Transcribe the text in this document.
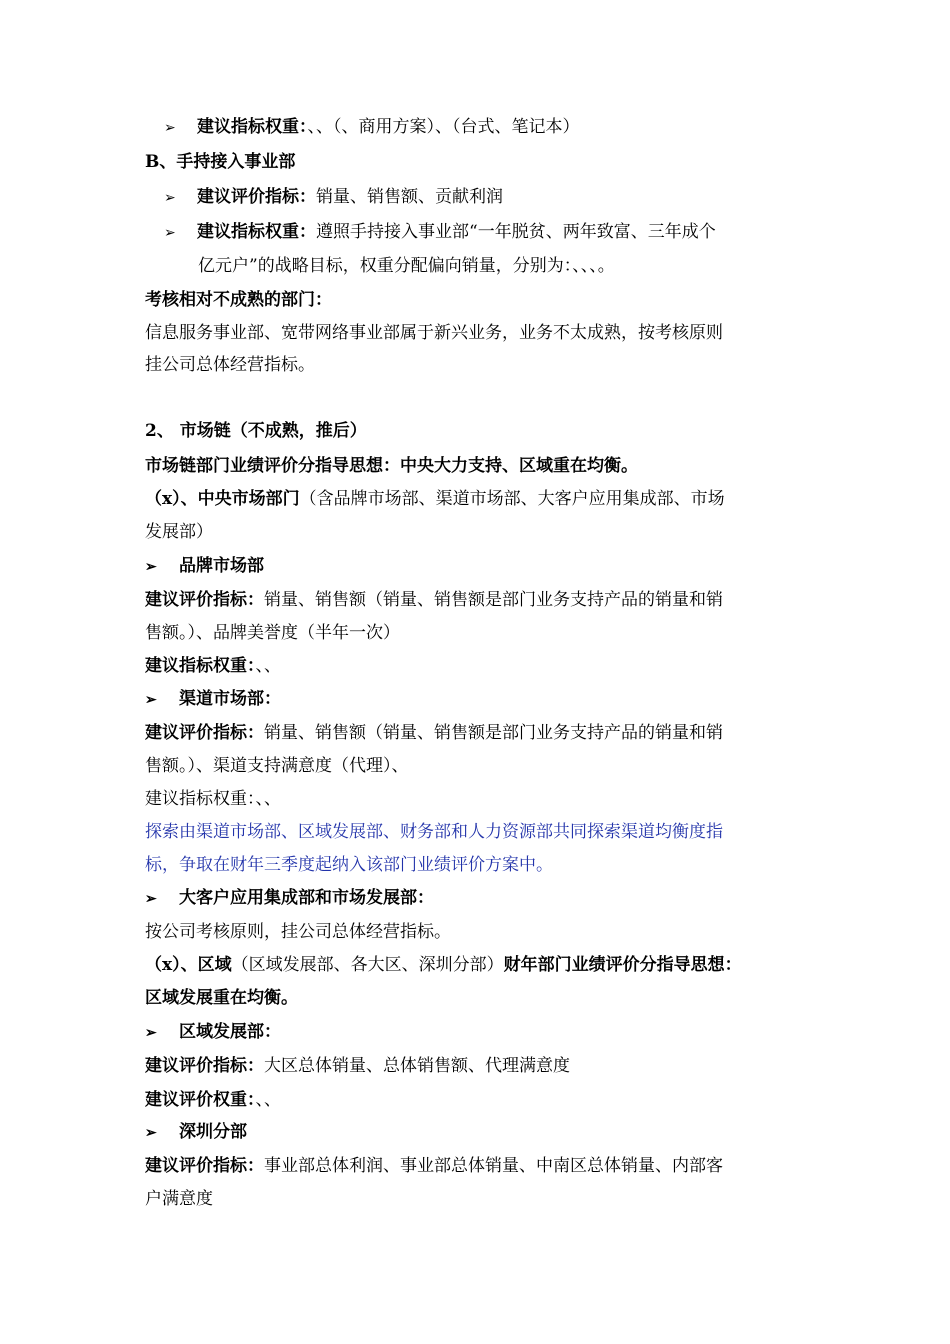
➢ 建议指标权重：、、（、商用方案）、（台式、笔记本）
B、手持接入事业部
➢ 建议评价指标：销量、销售额、贡献利润
➢ 建议指标权重：遵照手持接入事业部“一年脱贫、两年致富、三年成个
亿元户”的战略目标，权重分配偏向销量，分别为：、、、。
考核相对不成熟的部门：
信息服务事业部、宽带网络事业部属于新兴业务，业务不太成熟，按考核原则
挂公司总体经营指标。
2、 市场链（不成熟，推后）
市场链部门业绩评价分指导思想：中央大力支持、区域重在均衡。
（x）、中央市场部门（含品牌市场部、渠道市场部、大客户应用集成部、市场
发展部）
➢ 品牌市场部
建议评价指标：销量、销售额（销量、销售额是部门业务支持产品的销量和销
售额。）、品牌美誉度（半年一次）
建议指标权重：、、
➢ 渠道市场部：
建议评价指标：销量、销售额（销量、销售额是部门业务支持产品的销量和销
售额。）、渠道支持满意度（代理）、
建议指标权重：、、
探索由渠道市场部、区域发展部、财务部和人力资源部共同探索渠道均衡度指
标，争取在财年三季度起纳入该部门业绩评价方案中。
➢ 大客户应用集成部和市场发展部：
按公司考核原则，挂公司总体经营指标。
（x）、区域（区域发展部、各大区、深圳分部）财年部门业绩评价分指导思想：
区域发展重在均衡。
➢ 区域发展部：
建议评价指标：大区总体销量、总体销售额、代理满意度
建议评价权重：、、
➢ 深圳分部
建议评价指标：事业部总体利润、事业部总体销量、中南区总体销量、内部客
户满意度
